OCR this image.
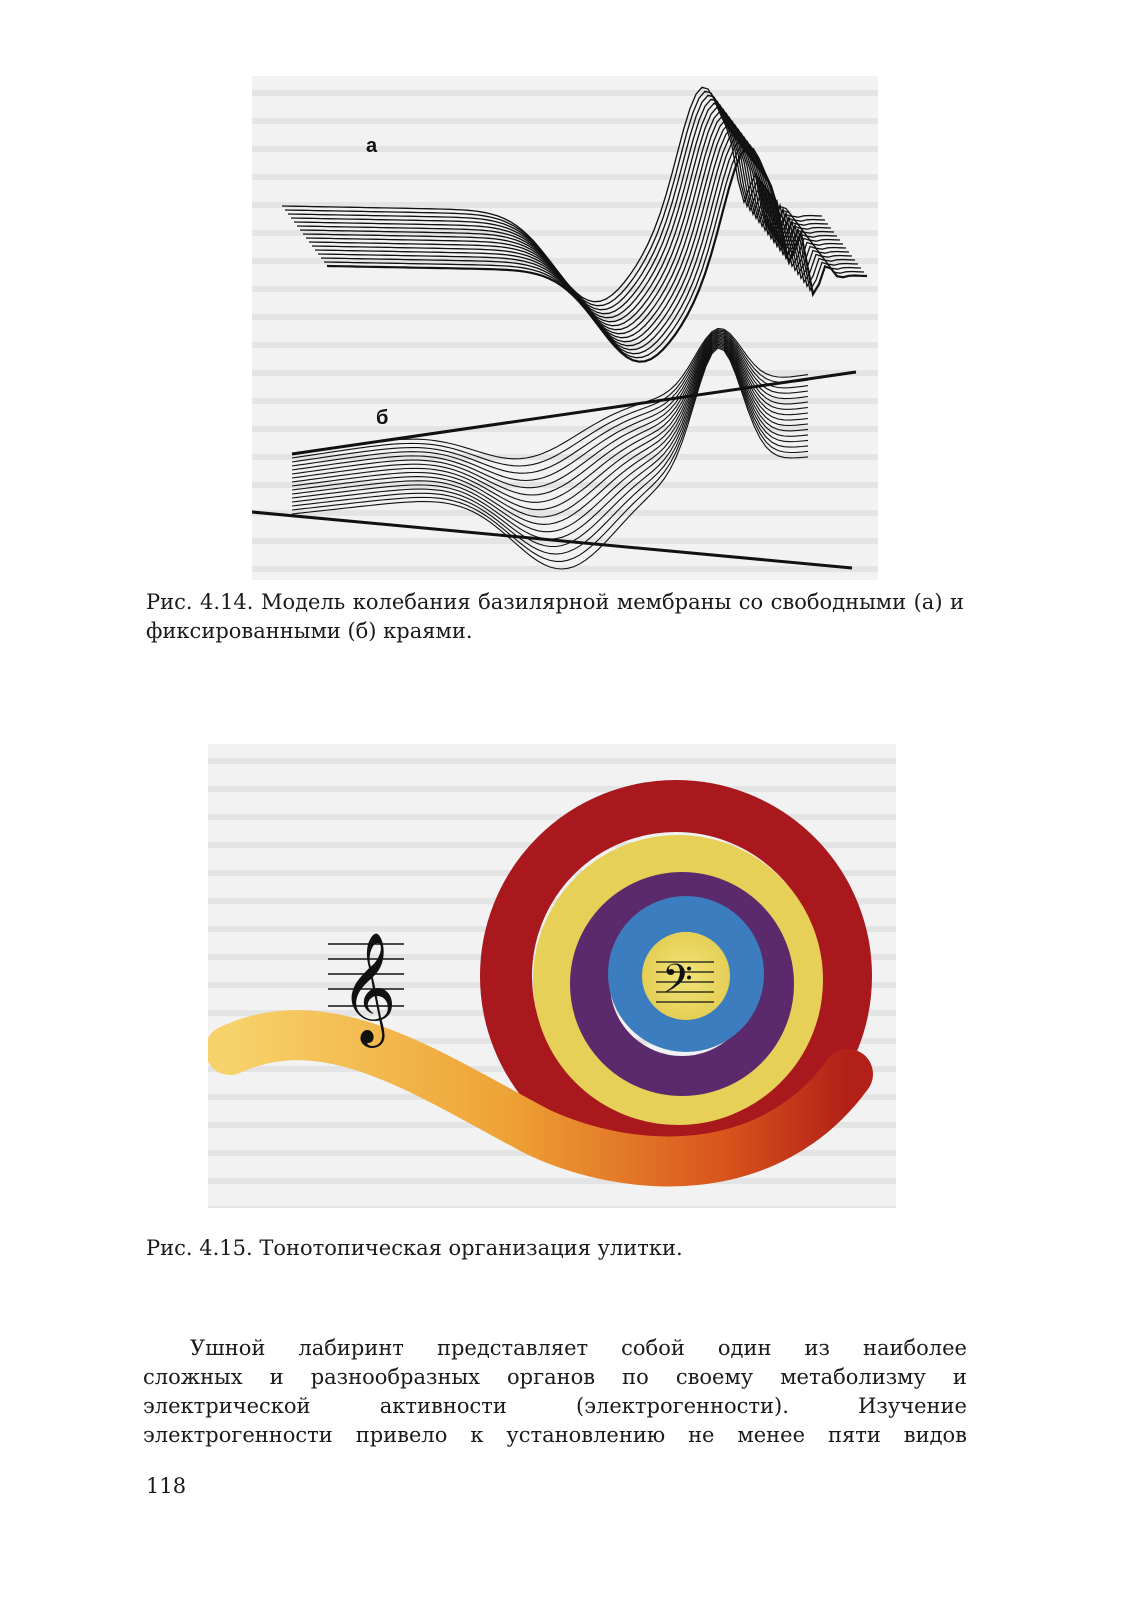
а
б
Рис. 4.14. Модель колебания базилярной мембраны со свободными (а) и фиксированными (б) краями.
𝄞	𝄢
Рис. 4.15. Тонотопическая организация улитки.
Ушной лабиринт представляет собой один из наиболее
сложных и разнообразных органов по своему метаболизму и
электрической	активности	(электрогенности).	Изучение
электрогенности привело к установлению не менее пяти видов
118
